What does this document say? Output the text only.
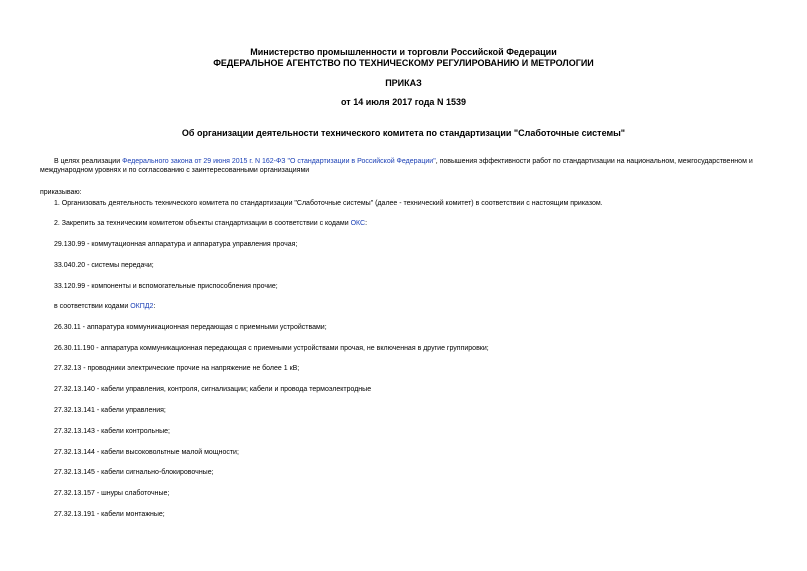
Министерство промышленности и торговли Российской Федерации
ФЕДЕРАЛЬНОЕ АГЕНТСТВО ПО ТЕХНИЧЕСКОМУ РЕГУЛИРОВАНИЮ И МЕТРОЛОГИИ
ПРИКАЗ
от 14 июля 2017 года N 1539
Об организации деятельности технического комитета по стандартизации "Слаботочные системы"
В целях реализации Федерального закона от 29 июня 2015 г. N 162-ФЗ "О стандартизации в Российской Федерации", повышения эффективности работ по стандартизации на национальном, межгосударственном и международном уровнях и по согласованию с заинтересованными организациями
приказываю:
1. Организовать деятельность технического комитета по стандартизации "Слаботочные системы" (далее - технический комитет) в соответствии с настоящим приказом.
2. Закрепить за техническим комитетом объекты стандартизации в соответствии с кодами ОКС:
29.130.99 - коммутационная аппаратура и аппаратура управления прочая;
33.040.20 - системы передачи;
33.120.99 - компоненты и вспомогательные приспособления прочие;
в соответствии кодами ОКПД2:
26.30.11 - аппаратура коммуникационная передающая с приемными устройствами;
26.30.11.190 - аппаратура коммуникационная передающая с приемными устройствами прочая, не включенная в другие группировки;
27.32.13 - проводники электрические прочие на напряжение не более 1 кВ;
27.32.13.140 - кабели управления, контроля, сигнализации; кабели и провода термоэлектродные
27.32.13.141 - кабели управления;
27.32.13.143 - кабели контрольные;
27.32.13.144 - кабели высоковольтные малой мощности;
27.32.13.145 - кабели сигнально-блокировочные;
27.32.13.157 - шнуры слаботочные;
27.32.13.191 - кабели монтажные;
